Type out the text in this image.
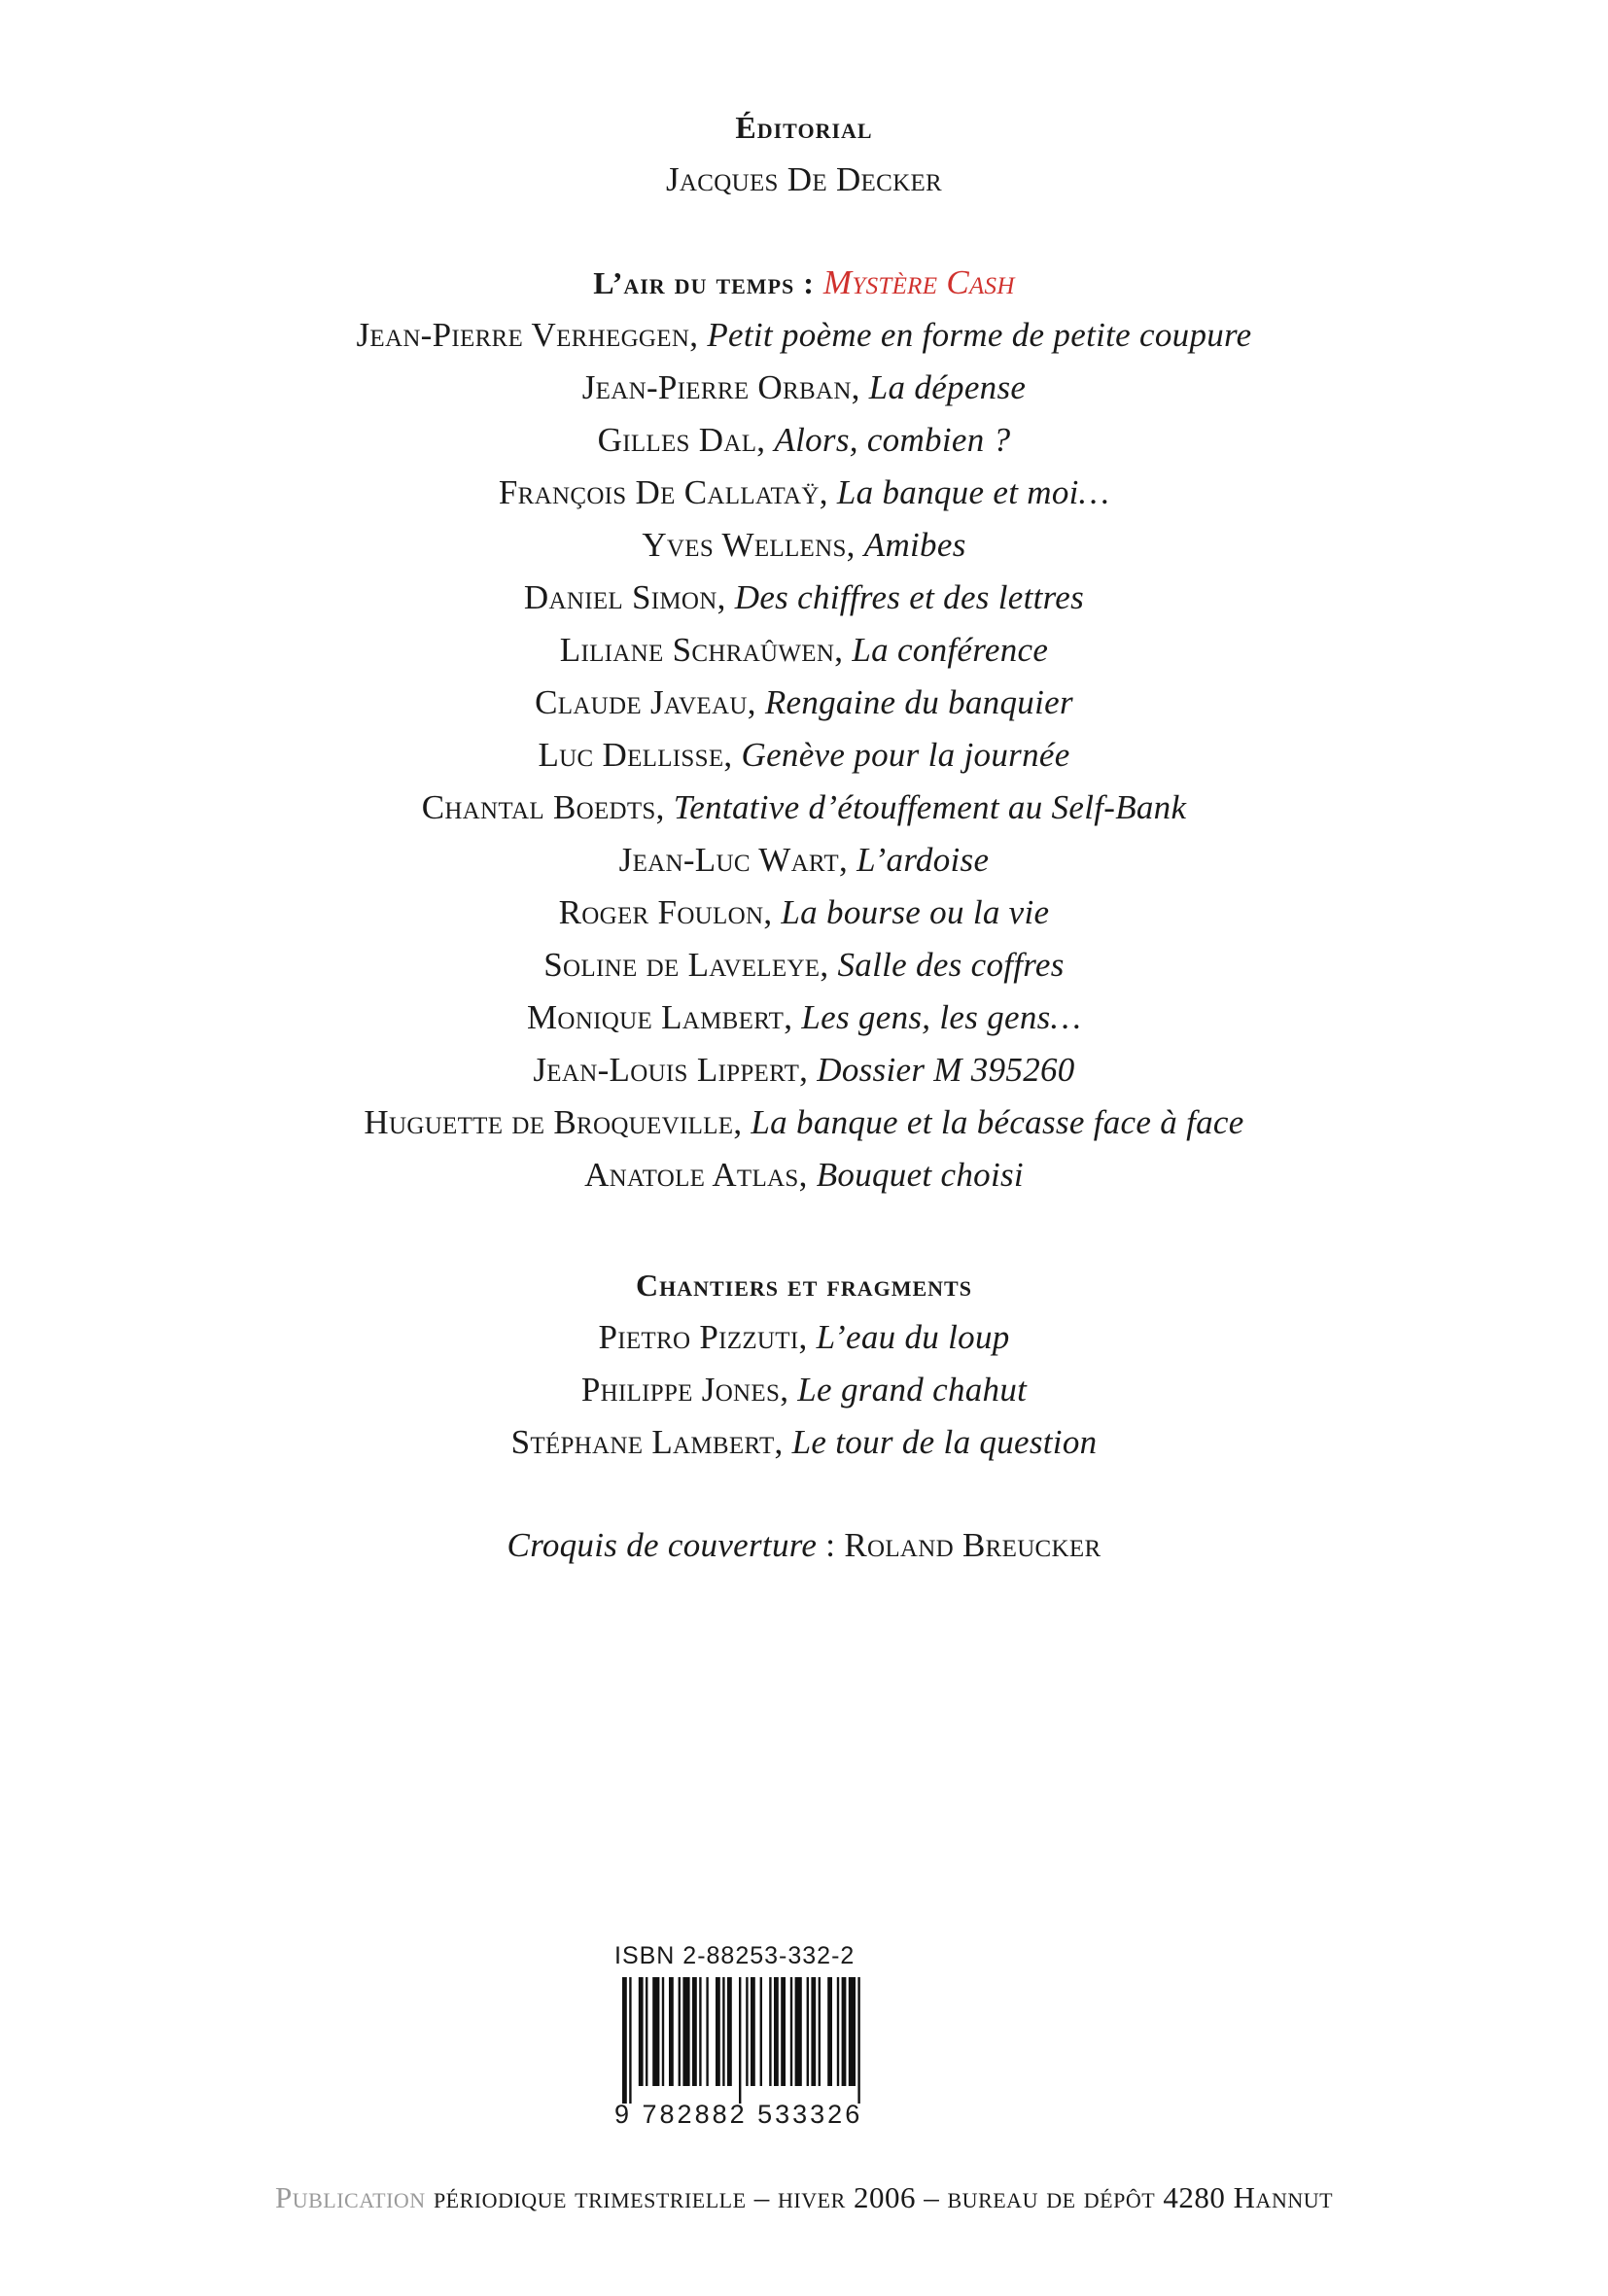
Éditorial
Jacques De Decker
L’air du temps : Mystère Cash
Jean-Pierre Verheggen, Petit poème en forme de petite coupure
Jean-Pierre Orban, La dépense
Gilles Dal, Alors, combien ?
François De Callataÿ, La banque et moi…
Yves Wellens, Amibes
Daniel Simon, Des chiffres et des lettres
Liliane Schraûwen, La conférence
Claude Javeau, Rengaine du banquier
Luc Dellisse, Genève pour la journée
Chantal Boedts, Tentative d’étouffement au Self-Bank
Jean-Luc Wart, L’ardoise
Roger Foulon, La bourse ou la vie
Soline de Laveleye, Salle des coffres
Monique Lambert, Les gens, les gens…
Jean-Louis Lippert, Dossier M 395260
Huguette de Broqueville, La banque et la bécasse face à face
Anatole Atlas, Bouquet choisi
Chantiers et fragments
Pietro Pizzuti, L’eau du loup
Philippe Jones, Le grand chahut
Stéphane Lambert, Le tour de la question
Croquis de couverture : Roland Breucker
ISBN 2-88253-332-2
9 782882 533326
Publication périodique trimestrielle – hiver 2006 – bureau de dépôt 4280 Hannut
